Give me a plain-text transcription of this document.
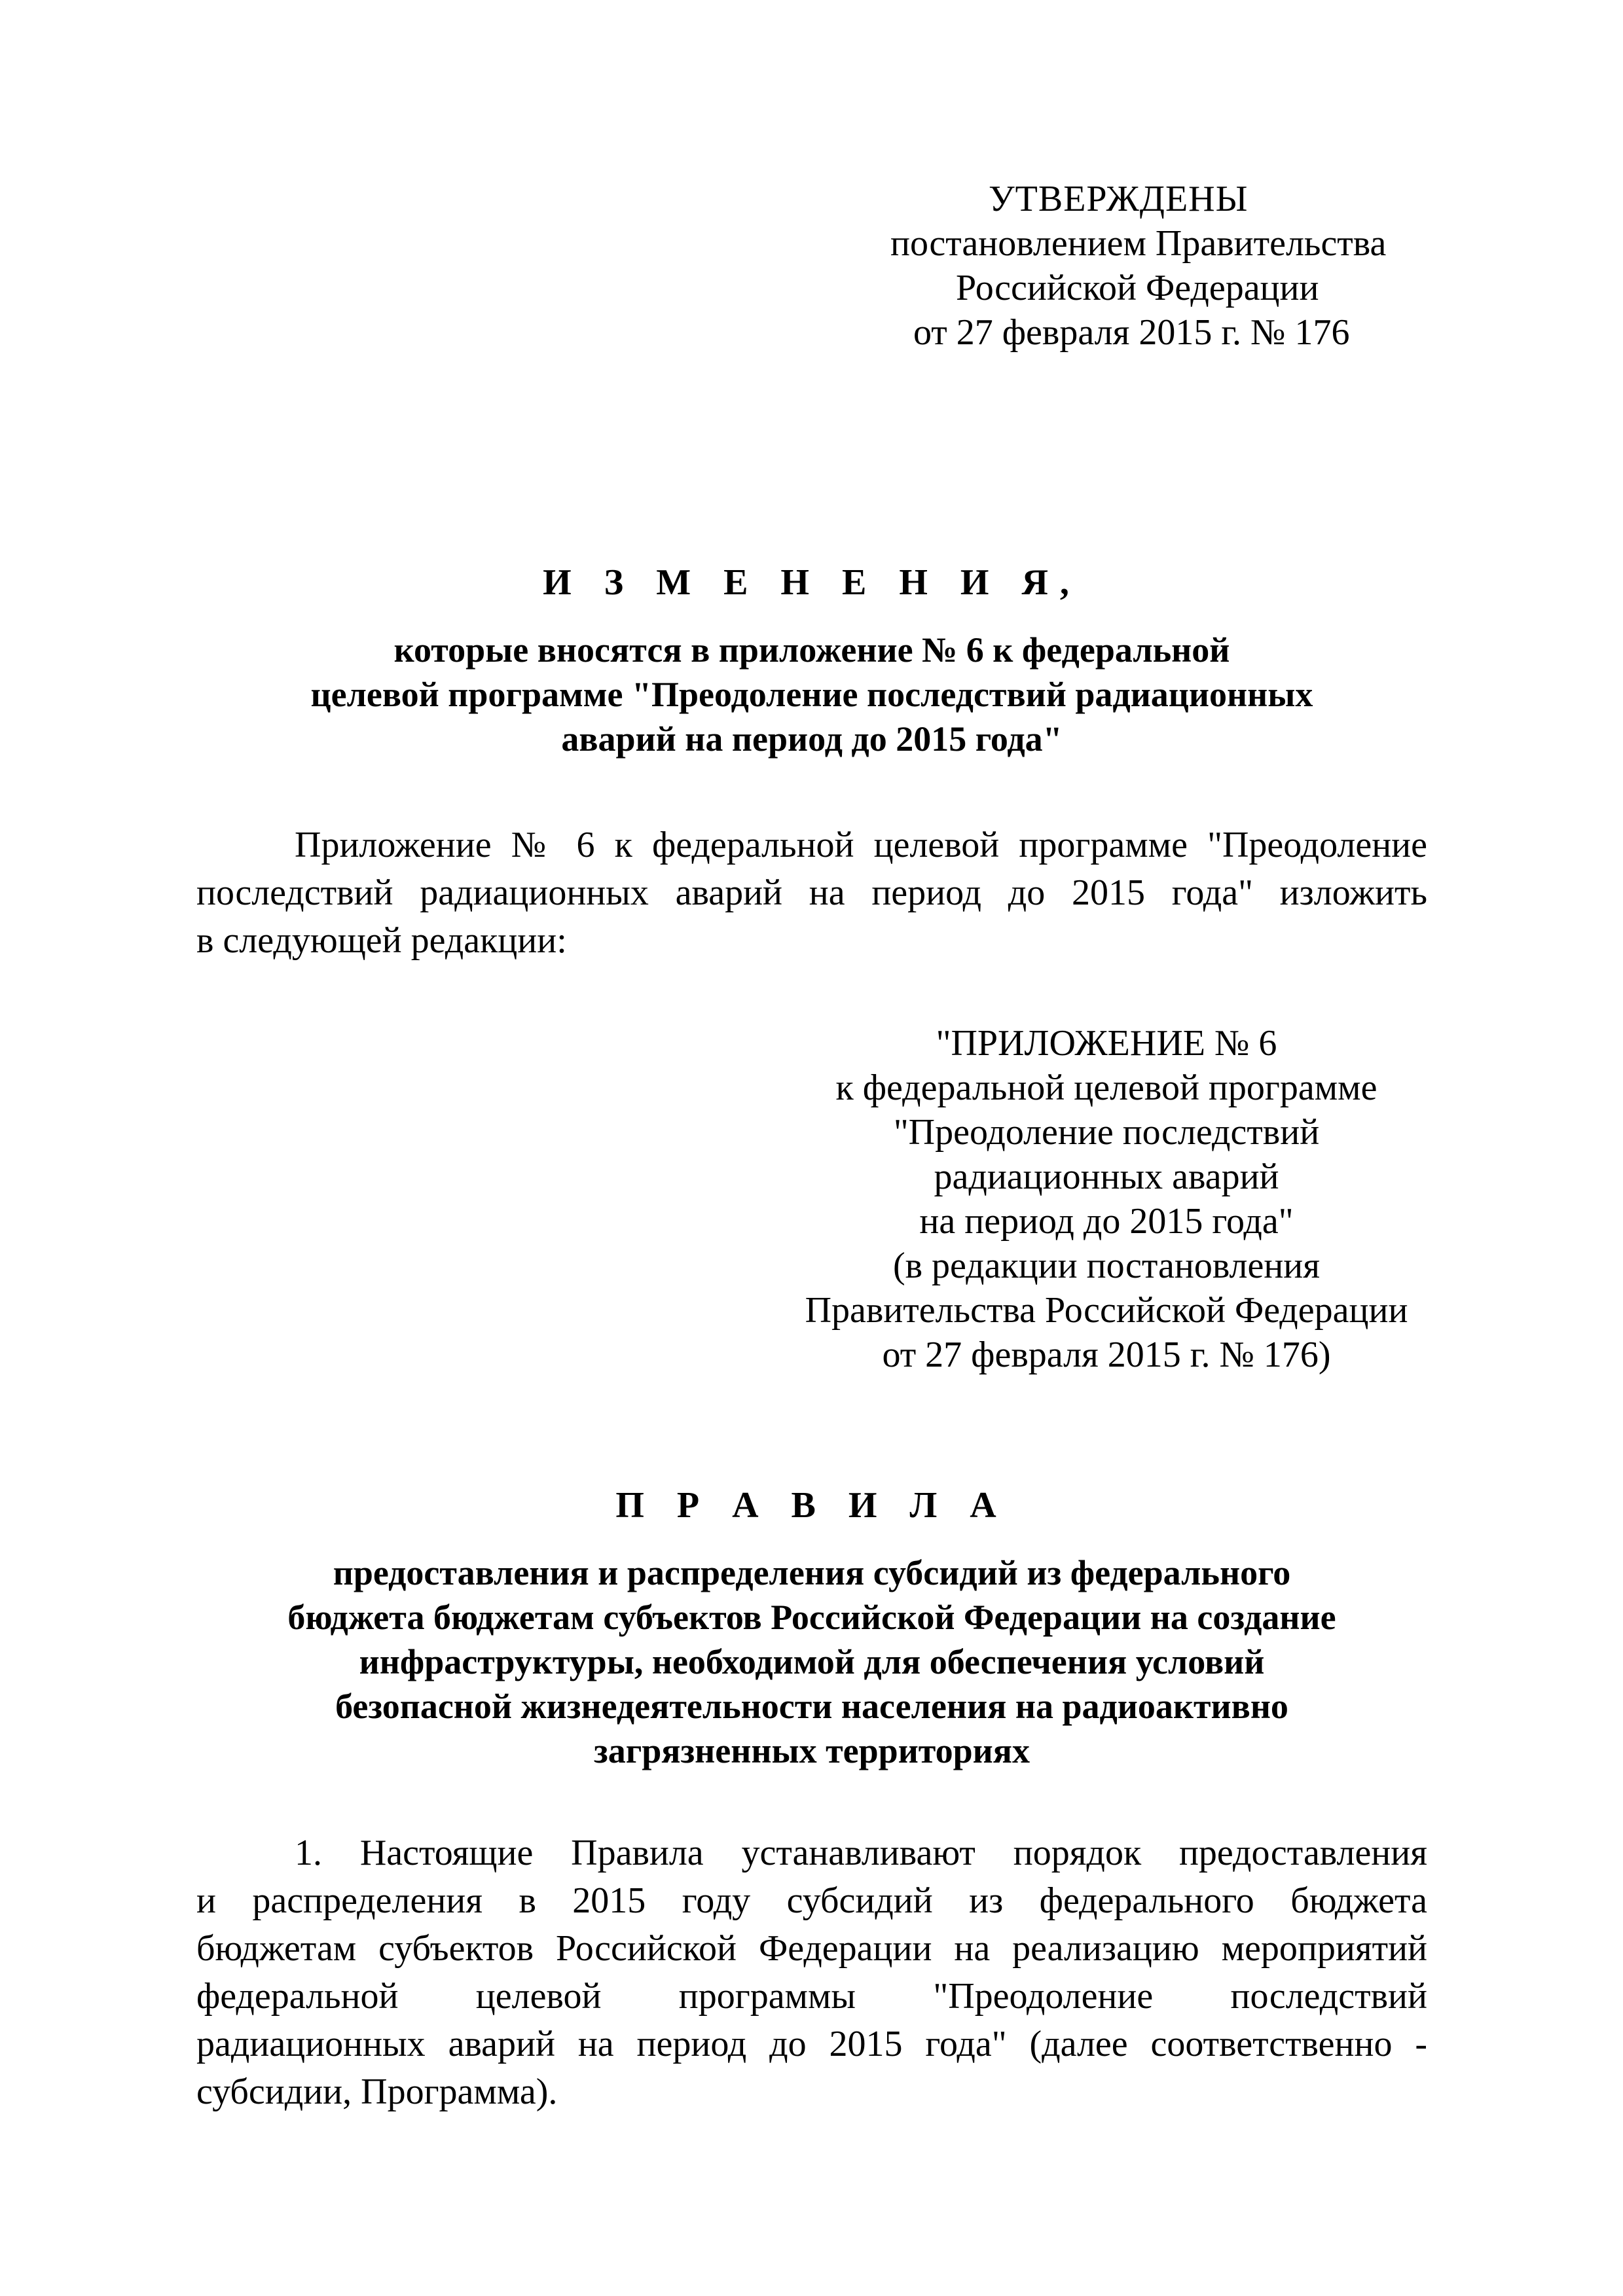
УТВЕРЖДЕНЫ
постановлением Правительства
Российской Федерации
от 27 февраля 2015 г. № 176
И З М Е Н Е Н И Я,
которые вносятся в приложение № 6 к федеральной
целевой программе "Преодоление последствий радиационных
аварий на период до 2015 года"
Приложение № 6 к федеральной целевой программе "Преодоление
последствий радиационных аварий на период до 2015 года" изложить
в следующей редакции:
"ПРИЛОЖЕНИЕ № 6
к федеральной целевой программе
"Преодоление последствий
радиационных аварий
на период до 2015 года"
(в редакции постановления
Правительства Российской Федерации
от 27 февраля 2015 г. № 176)
П Р А В И Л А
предоставления и распределения субсидий из федерального
бюджета бюджетам субъектов Российской Федерации на создание
инфраструктуры, необходимой для обеспечения условий
безопасной жизнедеятельности населения на радиоактивно
загрязненных территориях
1. Настоящие Правила устанавливают порядок предоставления
и распределения в 2015 году субсидий из федерального бюджета
бюджетам субъектов Российской Федерации на реализацию мероприятий
федеральной целевой программы "Преодоление последствий
радиационных аварий на период до 2015 года" (далее соответственно -
субсидии, Программа).
